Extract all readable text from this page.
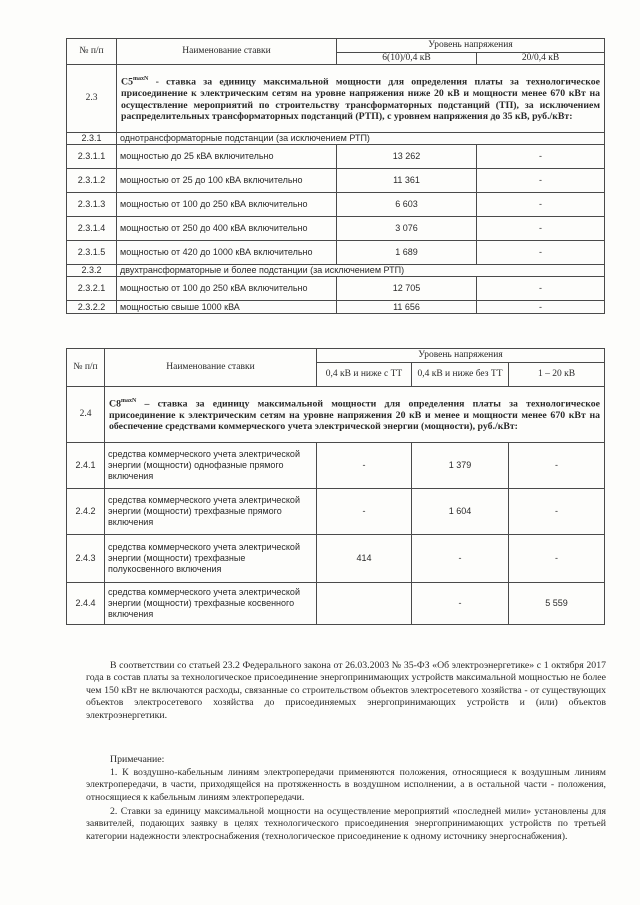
№ п/п	Наименование ставки	Уровень напряжения	
		6(10)/0,4 кВ	20/0,4 кВ
2.3	$С5^{maxN}$ - ставка за единицу максимальной мощности для определения платы за технологическое присоединение к электрическим сетям на уровне напряжения ниже 20 кВ и мощности менее 670 кВт на осуществление мероприятий по строительству трансформаторных подстанций (ТП), за исключением распределительных трансформаторных подстанций (РТП), с уровнем напряжения до 35 кВ, руб./кВт:		
2.3.1	однотрансформаторные подстанции (за исключением РТП)		
2.3.1.1	мощностью до 25 кВА включительно	13 262	-
2.3.1.2	мощностью от 25 до 100 кВА включительно	11 361	-
2.3.1.3	мощностью от 100 до 250 кВА включительно	6 603	-
2.3.1.4	мощностью от 250 до 400 кВА включительно	3 076	-
2.3.1.5	мощностью от 420 до 1000 кВА включительно	1 689	-
2.3.2	двухтрансформаторные и более подстанции (за исключением РТП)		
2.3.2.1	мощностью от 100 до 250 кВА включительно	12 705	-
2.3.2.2	мощностью свыше 1000 кВА	11 656	-
№ п/п	Наименование ставки	Уровень напряжения		
		0,4 кВ и ниже с ТТ	0,4 кВ и ниже без ТТ	1 – 20 кВ
2.4	$С8^{maxN}$ – ставка за единицу максимальной мощности для определения платы за технологическое присоединение к электрическим сетям на уровне напряжения 20 кВ и менее и мощности менее 670 кВт на обеспечение средствами коммерческого учета электрической энергии (мощности), руб./кВт:			
2.4.1	средства коммерческого учета электрической энергии (мощности) однофазные прямого включения	-	1 379	-
2.4.2	средства коммерческого учета электрической энергии (мощности) трехфазные прямого включения	-	1 604	-
2.4.3	средства коммерческого учета электрической энергии (мощности) трехфазные полукосвенного включения	414	-	-
2.4.4	средства коммерческого учета электрической энергии (мощности) трехфазные косвенного включения		-	5 559
В соответствии со статьей 23.2 Федерального закона от 26.03.2003 № 35-ФЗ «Об электроэнергетике» с 1 октября 2017 года в состав платы за технологическое присоединение энергопринимающих устройств максимальной мощностью не более чем 150 кВт не включаются расходы, связанные со строительством объектов электросетевого хозяйства - от существующих объектов электросетевого хозяйства до присоединяемых энергопринимающих устройств и (или) объектов электроэнергетики.
Примечание:
1. К воздушно-кабельным линиям электропередачи применяются положения, относящиеся к воздушным линиям электропередачи, в части, приходящейся на протяженность в воздушном исполнении, а в остальной части - положения, относящиеся к кабельным линиям электропередачи.
2. Ставки за единицу максимальной мощности на осуществление мероприятий «последней мили» установлены для заявителей, подающих заявку в целях технологического присоединения энергопринимающих устройств по третьей категории надежности электроснабжения (технологическое присоединение к одному источнику энергоснабжения).
